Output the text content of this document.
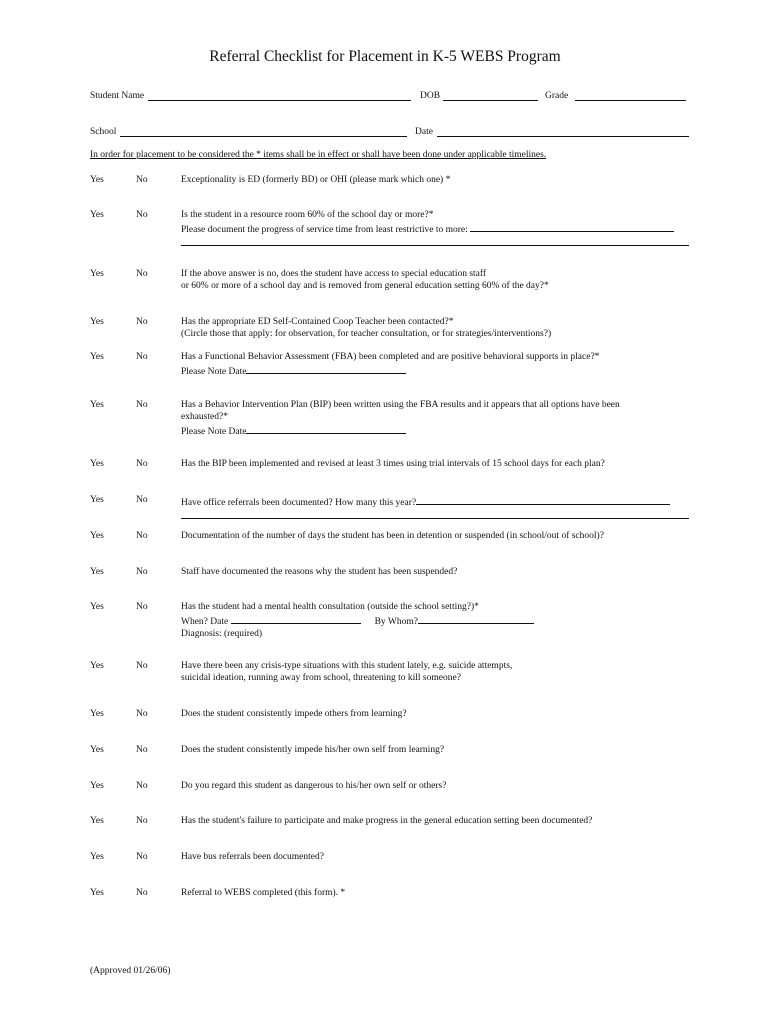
Referral Checklist for Placement in K-5 WEBS Program
Student Name	DOB	Grade
School	Date
In order for placement to be considered the * items shall be in effect or shall have been done under applicable timelines.
Yes	No	Exceptionality is ED (formerly BD) or OHI (please mark which one) *
Yes	No	Is the student in a resource room 60% of the school day or more?*
Please document the progress of service time from least restrictive to more:
Yes	No	If the above answer is no, does the student have access to special education staff
or 60% or more of a school day and is removed from general education setting 60% of the day?*
Yes	No	Has the appropriate ED Self-Contained Coop Teacher been contacted?*
(Circle those that apply: for observation, for teacher consultation, or for strategies/interventions?)
Yes	No	Has a Functional Behavior Assessment (FBA) been completed and are positive behavioral supports in place?*
Please Note Date
Yes	No	Has a Behavior Intervention Plan (BIP) been written using the FBA results and it appears that all options have been
exhausted?*
Please Note Date
Yes	No	Has the BIP been implemented and revised at least 3 times using trial intervals of 15 school days for each plan?
Yes	No	Have office referrals been documented? How many this year?
Yes	No	Documentation of the number of days the student has been in detention or suspended (in school/out of school)?
Yes	No	Staff have documented the reasons why the student has been suspended?
Yes	No	Has the student had a mental health consultation (outside the school setting?)*
When? Date	By Whom?
Diagnosis: (required)
Yes	No	Have there been any crisis-type situations with this student lately, e.g. suicide attempts,
suicidal ideation, running away from school, threatening to kill someone?
Yes	No	Does the student consistently impede others from learning?
Yes	No	Does the student consistently impede his/her own self from learning?
Yes	No	Do you regard this student as dangerous to his/her own self or others?
Yes	No	Has the student's failure to participate and make progress in the general education setting been documented?
Yes	No	Have bus referrals been documented?
Yes	No	Referral to WEBS completed (this form). *
(Approved 01/26/06)
